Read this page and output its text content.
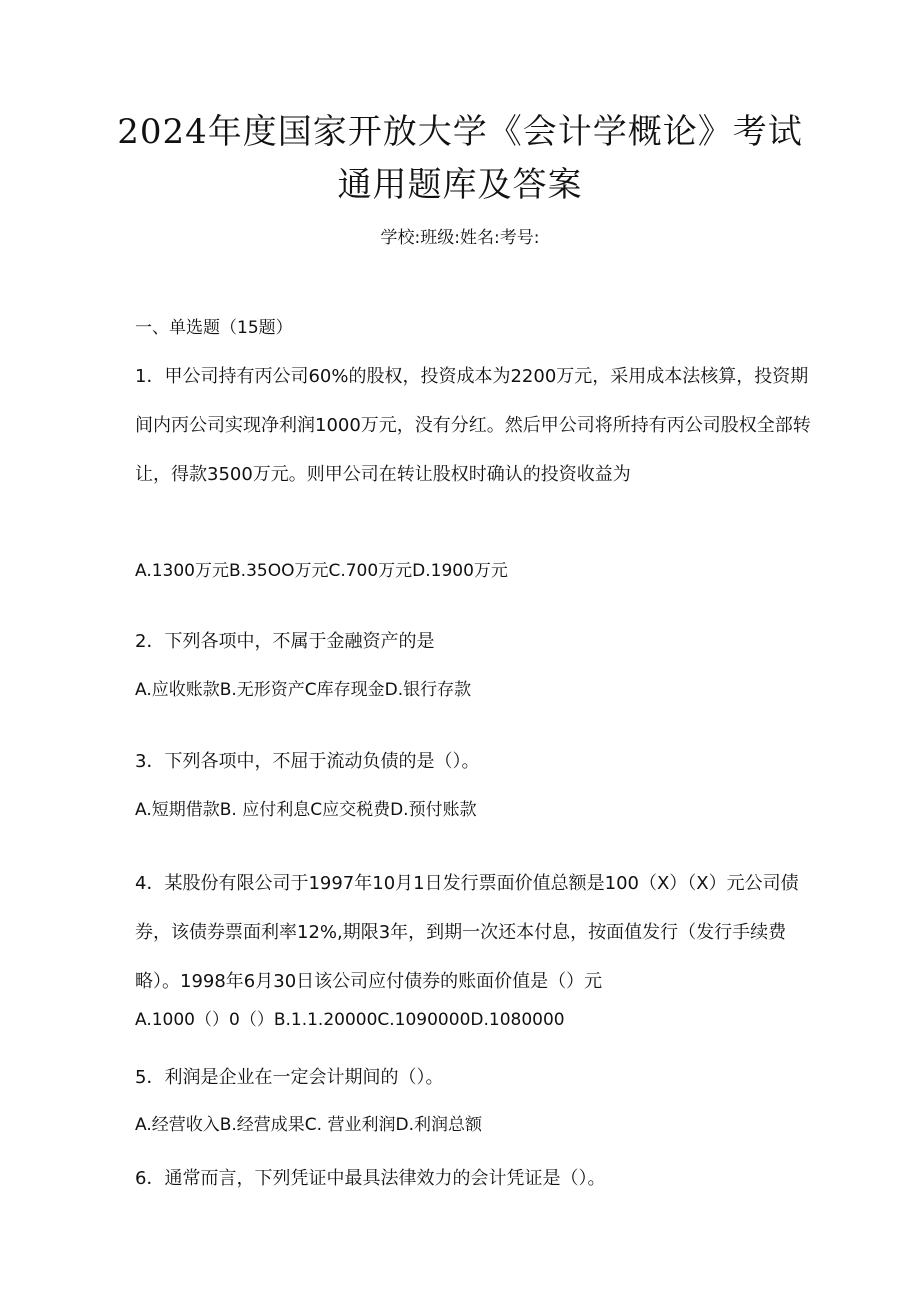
2024年度国家开放大学《会计学概论》考试
通用题库及答案
学校:班级:姓名:考号:
一、单选题（15题）
1．甲公司持有丙公司60%的股权，投资成本为2200万元，采用成本法核算，投资期间内丙公司实现净利润1000万元，没有分红。然后甲公司将所持有丙公司股权全部转让，得款3500万元。则甲公司在转让股权时确认的投资收益为
A.1300万元B.35OO万元C.700万元D.1900万元
2．下列各项中，不属于金融资产的是
A.应收账款B.无形资产C库存现金D.银行存款
3．下列各项中，不屈于流动负债的是（）。
A.短期借款B. 应付利息C应交税费D.预付账款
4．某股份有限公司于1997年10月1日发行票面价值总额是100（X）（X）元公司债券，该债券票面利率12%,期限3年，到期一次还本付息，按面值发行（发行手续费略）。1998年6月30日该公司应付债券的账面价值是（）元
A.1000（）0（）B.1.1.20000C.1090000D.1080000
5．利润是企业在一定会计期间的（）。
A.经营收入B.经营成果C. 营业利润D.利润总额
6．通常而言，下列凭证中最具法律效力的会计凭证是（）。
